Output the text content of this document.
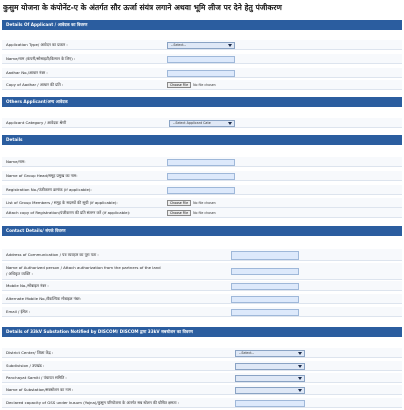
कुसुम योजना के कंपोनेंट-ए के अंतर्गत सौर ऊर्जा संयंत्र लगाने अथवा भूमि लीज पर देने हेतु पंजीकरण
Details Of Applicant / आवेदक का विवरण
Application Type/ आवेदन का प्रकार :	--Select--
Name/नाम (कंपनी/सोसाइटी/किसान के लिए) :
Aadhar No./आधार नंबर :
Copy of Aadhar / आधार की प्रति :	Choose File No file chosen
Others Applicant/अन्य आवेदक
Applicant Category / आवेदक श्रेणी	--Select Applicant Cate
Details
Name/नाम:
Name of Group Head/समूह प्रमुख का नाम:
Registration No./पंजीकरण क्रमांक (if applicable):
List of Group Members / समूह के सदस्यों की सूची (if applicable):	Choose File No file chosen
Attach copy of Registration/पंजीकरण की प्रति संलग्न करें (if applicable):	Choose File No file chosen
Contact Details/ संपर्क विवरण
Address of Communication / पत्र व्यवहार का पूरा पता :
Name of Authorized person / Attach authorization from the partners of the land
/ अधिकृत व्यक्ति :
Mobile No./मोबाइल नंबर :
Alternate Mobile No./वैकल्पिक मोबाइल नंबर:
Email / ईमेल :
Details of 33kV Substation Notified by DISCOM/ DISCOM द्वारा 33kV सबस्टेशन का विवरण
District Center/ जिला केंद्र :	--Select--
Subdivision / उपखंड :
Panchayat Samiti / पंचायत समिति :
Name of Substation/सबस्टेशन का नाम :
Declared capacity of GSS under kusum (Yojna)/कुसुम परियोजना के अंतर्गत सब स्टेशन की घोषित क्षमता :
